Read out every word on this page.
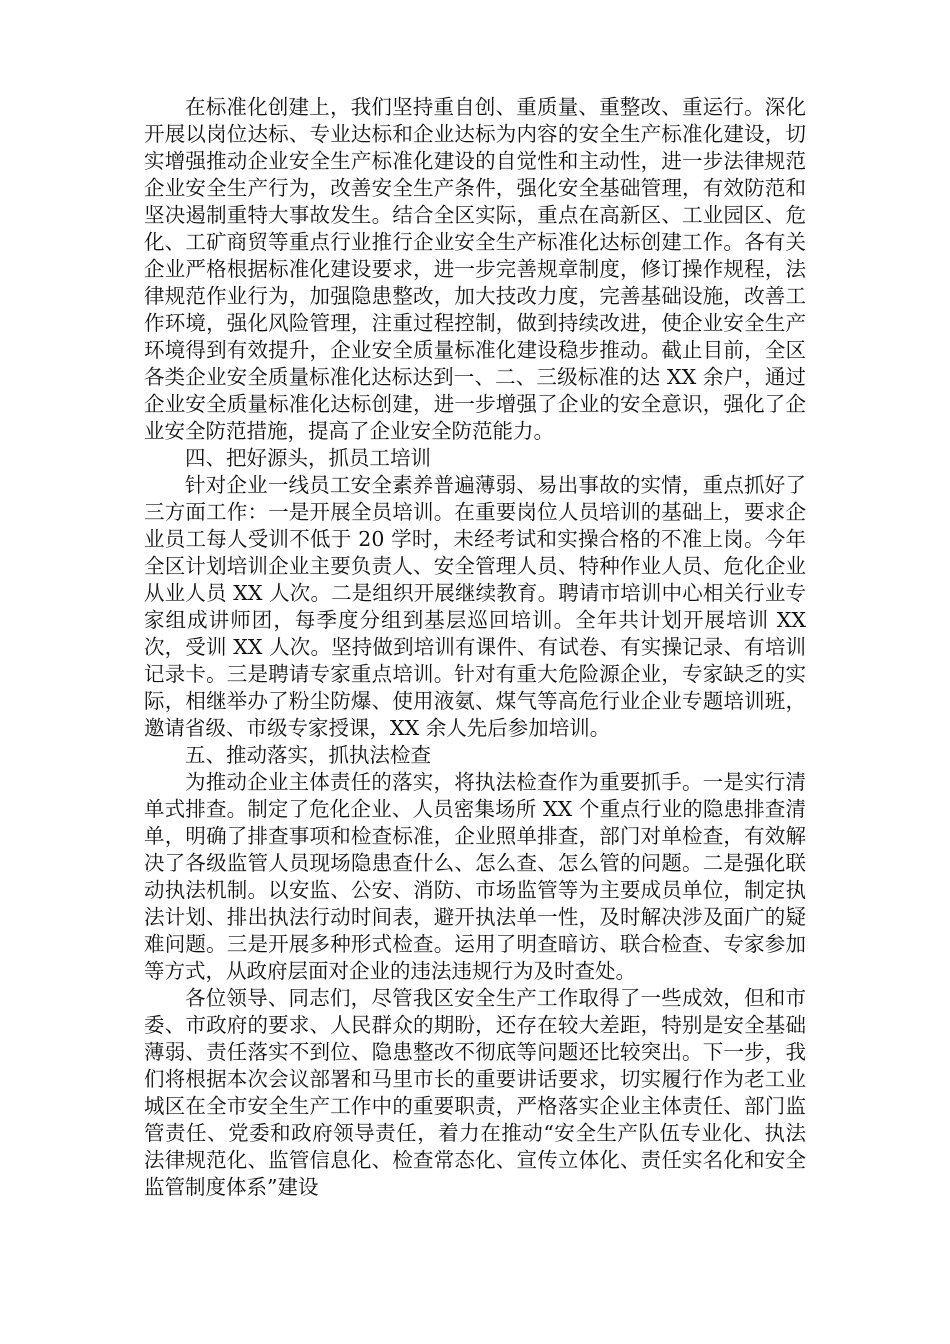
在标准化创建上，我们坚持重自创、重质量、重整改、重运行。深化开展以岗位达标、专业达标和企业达标为内容的安全生产标准化建设，切实增强推动企业安全生产标准化建设的自觉性和主动性，进一步法律规范企业安全生产行为，改善安全生产条件，强化安全基础管理，有效防范和坚决遏制重特大事故发生。结合全区实际，重点在高新区、工业园区、危化、工矿商贸等重点行业推行企业安全生产标准化达标创建工作。各有关企业严格根据标准化建设要求，进一步完善规章制度，修订操作规程，法律规范作业行为，加强隐患整改，加大技改力度，完善基础设施，改善工作环境，强化风险管理，注重过程控制，做到持续改进，使企业安全生产环境得到有效提升，企业安全质量标准化建设稳步推动。截止目前，全区各类企业安全质量标准化达标达到一、二、三级标准的达 XX 余户，通过企业安全质量标准化达标创建，进一步增强了企业的安全意识，强化了企业安全防范措施，提高了企业安全防范能力。

四、把好源头，抓员工培训

针对企业一线员工安全素养普遍薄弱、易出事故的实情，重点抓好了三方面工作：一是开展全员培训。在重要岗位人员培训的基础上，要求企业员工每人受训不低于 20 学时，未经考试和实操合格的不准上岗。今年全区计划培训企业主要负责人、安全管理人员、特种作业人员、危化企业从业人员 XX 人次。二是组织开展继续教育。聘请市培训中心相关行业专家组成讲师团，每季度分组到基层巡回培训。全年共计划开展培训 XX 次，受训 XX 人次。坚持做到培训有课件、有试卷、有实操记录、有培训记录卡。三是聘请专家重点培训。针对有重大危险源企业，专家缺乏的实际，相继举办了粉尘防爆、使用液氨、煤气等高危行业企业专题培训班，邀请省级、市级专家授课，XX 余人先后参加培训。

五、推动落实，抓执法检查

为推动企业主体责任的落实，将执法检查作为重要抓手。一是实行清单式排查。制定了危化企业、人员密集场所 XX 个重点行业的隐患排查清单，明确了排查事项和检查标准，企业照单排查，部门对单检查，有效解决了各级监管人员现场隐患查什么、怎么查、怎么管的问题。二是强化联动执法机制。以安监、公安、消防、市场监管等为主要成员单位，制定执法计划、排出执法行动时间表，避开执法单一性，及时解决涉及面广的疑难问题。三是开展多种形式检查。运用了明查暗访、联合检查、专家参加等方式，从政府层面对企业的违法违规行为及时查处。

各位领导、同志们，尽管我区安全生产工作取得了一些成效，但和市委、市政府的要求、人民群众的期盼，还存在较大差距，特别是安全基础薄弱、责任落实不到位、隐患整改不彻底等问题还比较突出。下一步，我们将根据本次会议部署和马里市长的重要讲话要求，切实履行作为老工业城区在全市安全生产工作中的重要职责，严格落实企业主体责任、部门监管责任、党委和政府领导责任，着力在推动“安全生产队伍专业化、执法法律规范化、监管信息化、检查常态化、宣传立体化、责任实名化和安全监管制度体系”建设
